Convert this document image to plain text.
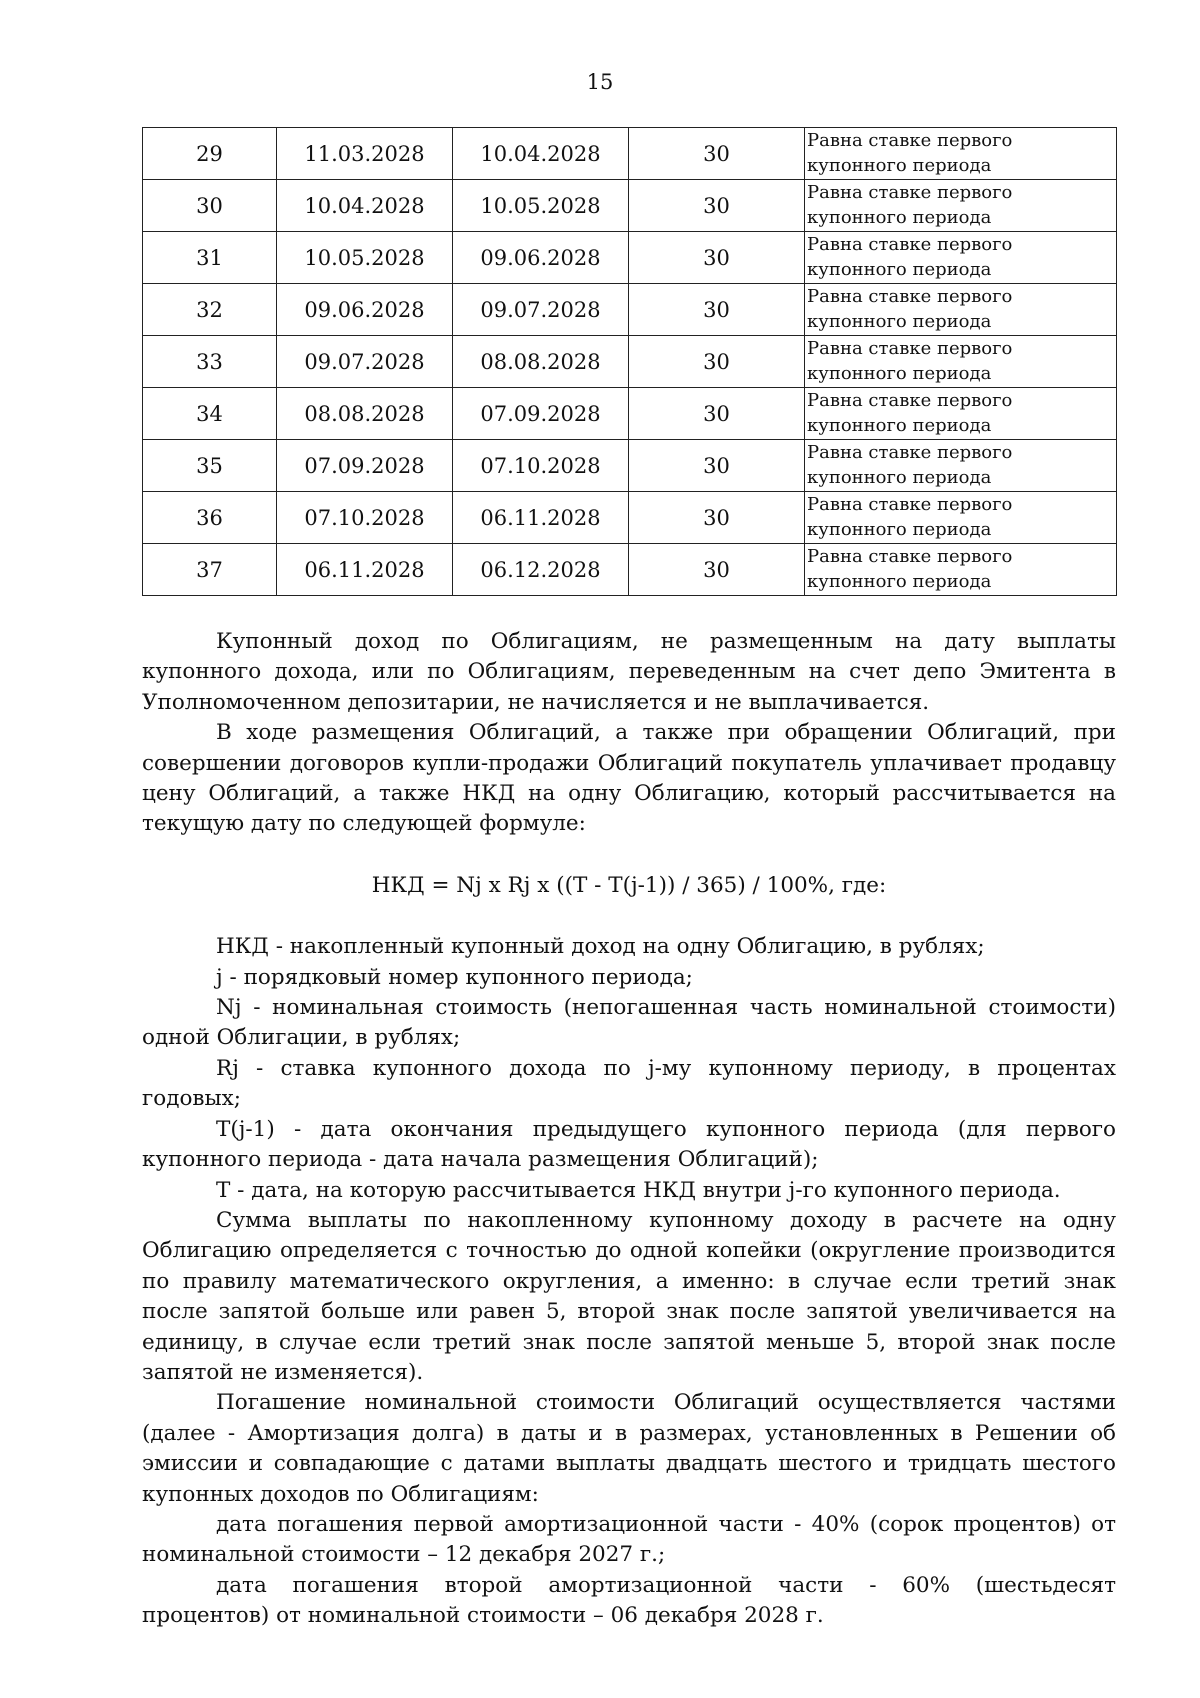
15
29	11.03.2028	10.04.2028	30	Равна ставке первого купонного периода
30	10.04.2028	10.05.2028	30	Равна ставке первого купонного периода
31	10.05.2028	09.06.2028	30	Равна ставке первого купонного периода
32	09.06.2028	09.07.2028	30	Равна ставке первого купонного периода
33	09.07.2028	08.08.2028	30	Равна ставке первого купонного периода
34	08.08.2028	07.09.2028	30	Равна ставке первого купонного периода
35	07.09.2028	07.10.2028	30	Равна ставке первого купонного периода
36	07.10.2028	06.11.2028	30	Равна ставке первого купонного периода
37	06.11.2028	06.12.2028	30	Равна ставке первого купонного периода

Купонный доход по Облигациям, не размещенным на дату выплаты купонного дохода, или по Облигациям, переведенным на счет депо Эмитента в Уполномоченном депозитарии, не начисляется и не выплачивается.

В ходе размещения Облигаций, а также при обращении Облигаций, при совершении договоров купли-продажи Облигаций покупатель уплачивает продавцу цену Облигаций, а также НКД на одну Облигацию, который рассчитывается на текущую дату по следующей формуле:

НКД = Nj x Rj x ((T - T(j-1)) / 365) / 100%, где:

НКД - накопленный купонный доход на одну Облигацию, в рублях;

j - порядковый номер купонного периода;

Nj - номинальная стоимость (непогашенная часть номинальной стоимости) одной Облигации, в рублях;

Rj - ставка купонного дохода по j-му купонному периоду, в процентах годовых;

T(j-1) - дата окончания предыдущего купонного периода (для первого купонного периода - дата начала размещения Облигаций);

T - дата, на которую рассчитывается НКД внутри j-го купонного периода.

Сумма выплаты по накопленному купонному доходу в расчете на одну Облигацию определяется с точностью до одной копейки (округление производится по правилу математического округления, а именно: в случае если третий знак после запятой больше или равен 5, второй знак после запятой увеличивается на единицу, в случае если третий знак после запятой меньше 5, второй знак после запятой не изменяется).

Погашение номинальной стоимости Облигаций осуществляется частями (далее - Амортизация долга) в даты и в размерах, установленных в Решении об эмиссии и совпадающие с датами выплаты двадцать шестого и тридцать шестого купонных доходов по Облигациям:

дата погашения первой амортизационной части - 40% (сорок процентов) от номинальной стоимости – 12 декабря 2027 г.;

дата погашения второй амортизационной части - 60% (шестьдесят процентов) от номинальной стоимости – 06 декабря 2028 г.
